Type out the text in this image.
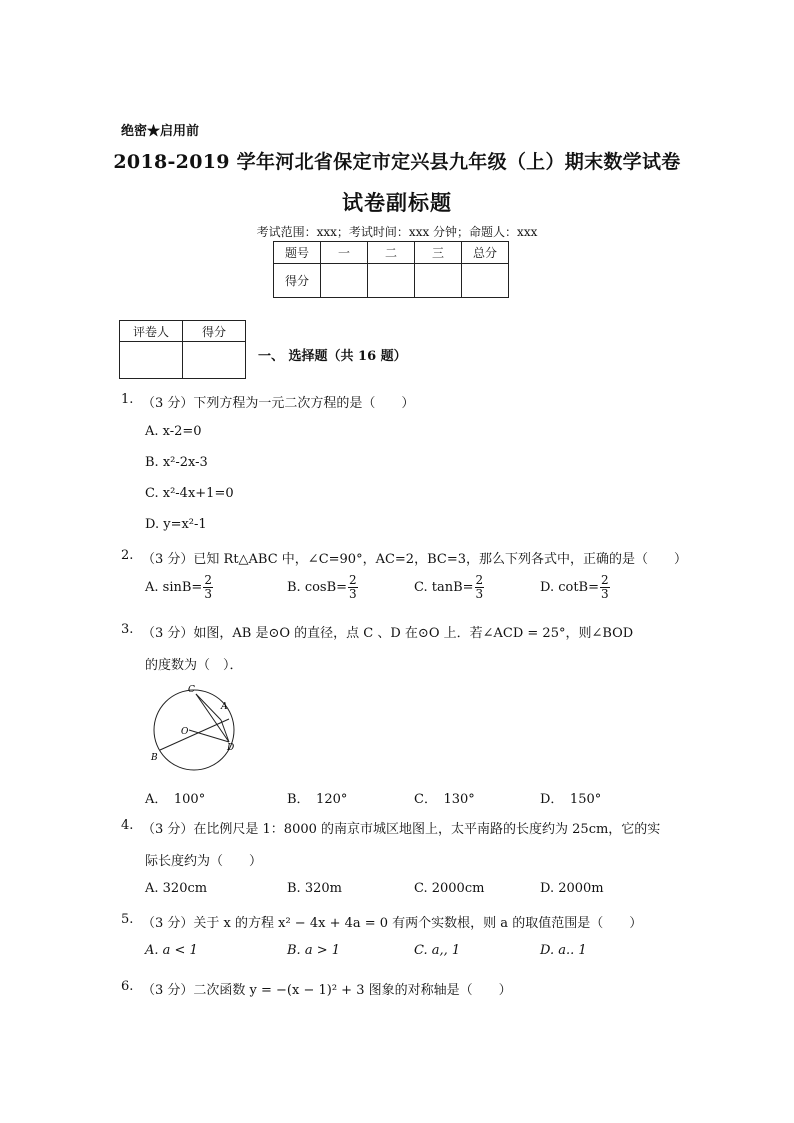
绝密★启用前
2018-2019 学年河北省保定市定兴县九年级（上）期末数学试卷
试卷副标题
考试范围：xxx；考试时间：xxx 分钟；命题人：xxx
题号	一	二	三	总分
得分				
评卷人	得分

一、 选择题（共 16 题）
1. （3 分）下列方程为一元二次方程的是（　　）
A. x-2=0
B. x²-2x-3
C. x²-4x+1=0
D. y=x²-1
2. （3 分）已知 Rt△ABC 中，∠C=90°，AC=2，BC=3，那么下列各式中，正确的是（　　）
A. $\sin B= \frac{2}{3}$	B. $\cos B= \frac{2}{3}$	C. $\tan B= \frac{2}{3}$	D. $\cot B= \frac{2}{3}$
3. （3 分）如图，AB 是⊙O 的直径，点 C 、D 在⊙O 上．若∠ACD = 25°，则∠BOD
的度数为（　）．
C
A
O
D
B
A．　100°	B．　120°	C．　130°	D．　150°
4. （3 分）在比例尺是 1：8000 的南京市城区地图上，太平南路的长度约为 25cm，它的实
际长度约为（　　）
A. 320cm	B. 320m	C. 2000cm	D. 2000m
5. （3 分）关于 x 的方程 x² − 4x + 4a = 0 有两个实数根，则 a 的取值范围是（　　）
A. a < 1	B. a > 1	C. a,, 1	D. a.. 1
6. （3 分）二次函数 y = −(x − 1)² + 3 图象的对称轴是（　　）
